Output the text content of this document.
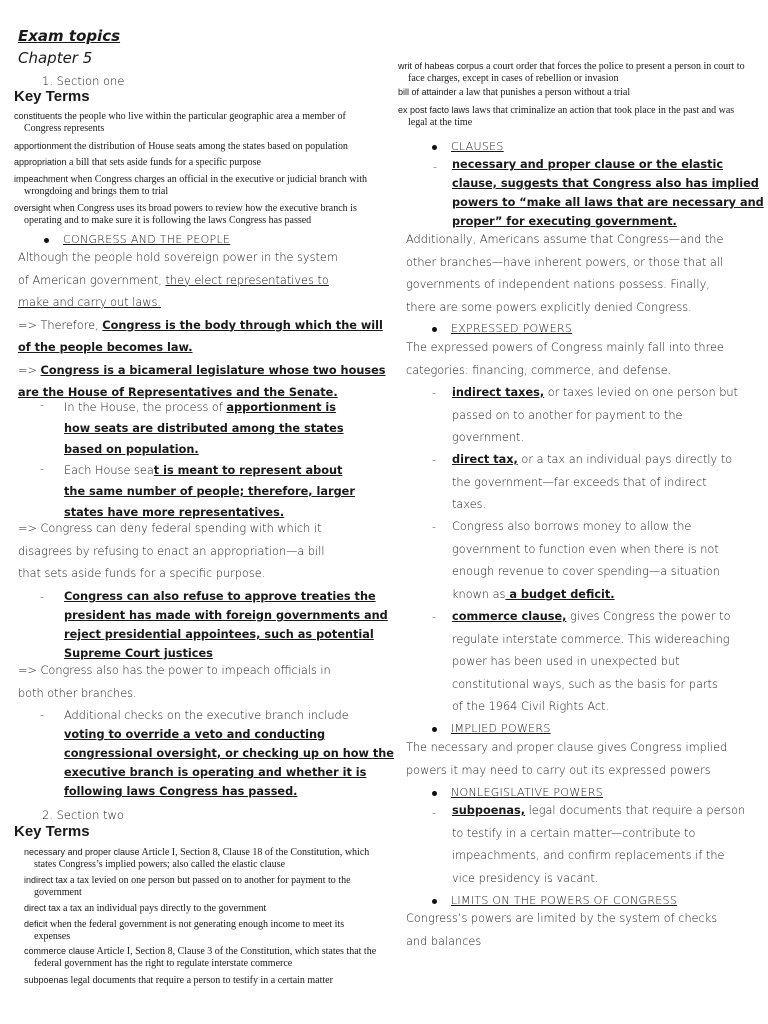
Exam topics
Chapter 5
1. Section one
Key Terms
constituents the people who live within the particular geographic area a member of
Congress represents
apportionment the distribution of House seats among the states based on population
appropriation a bill that sets aside funds for a specific purpose
impeachment when Congress charges an official in the executive or judicial branch with
wrongdoing and brings them to trial
oversight when Congress uses its broad powers to review how the executive branch is
operating and to make sure it is following the laws Congress has passed
writ of habeas corpus a court order that forces the police to present a person in court to
face charges, except in cases of rebellion or invasion
bill of attainder a law that punishes a person without a trial
ex post facto laws laws that criminalize an action that took place in the past and was
legal at the time
CONGRESS AND THE PEOPLE
Although the people hold sovereign power in the system
of American government, they elect representatives to
make and carry out laws.
=> Therefore, Congress is the body through which the will
of the people becomes law.
=> Congress is a bicameral legislature whose two houses
are the House of Representatives and the Senate.
- In the House, the process of apportionment is
how seats are distributed among the states
based on population.
- Each House seat is meant to represent about
the same number of people; therefore, larger
states have more representatives.
=> Congress can deny federal spending with which it
disagrees by refusing to enact an appropriation—a bill
that sets aside funds for a specific purpose.
- Congress can also refuse to approve treaties the
president has made with foreign governments and
reject presidential appointees, such as potential
Supreme Court justices
=> Congress also has the power to impeach officials in
both other branches.
- Additional checks on the executive branch include
voting to override a veto and conducting
congressional oversight, or checking up on how the
executive branch is operating and whether it is
following laws Congress has passed.
2. Section two
Key Terms
necessary and proper clause Article I, Section 8, Clause 18 of the Constitution, which
states Congress’s implied powers; also called the elastic clause
indirect tax a tax levied on one person but passed on to another for payment to the
government
direct tax a tax an individual pays directly to the government
deficit when the federal government is not generating enough income to meet its
expenses
commerce clause Article I, Section 8, Clause 3 of the Constitution, which states that the
federal government has the right to regulate interstate commerce
subpoenas legal documents that require a person to testify in a certain matter
CLAUSES
- necessary and proper clause or the elastic
clause, suggests that Congress also has implied
powers to “make all laws that are necessary and
proper” for executing government.
Additionally, Americans assume that Congress—and the
other branches—have inherent powers, or those that all
governments of independent nations possess. Finally,
there are some powers explicitly denied Congress.
EXPRESSED POWERS
The expressed powers of Congress mainly fall into three
categories: financing, commerce, and defense.
- indirect taxes, or taxes levied on one person but
passed on to another for payment to the
government.
- direct tax, or a tax an individual pays directly to
the government—far exceeds that of indirect
taxes.
- Congress also borrows money to allow the
government to function even when there is not
enough revenue to cover spending—a situation
known as a budget deficit.
- commerce clause, gives Congress the power to
regulate interstate commerce. This widereaching
power has been used in unexpected but
constitutional ways, such as the basis for parts
of the 1964 Civil Rights Act.
IMPLIED POWERS
The necessary and proper clause gives Congress implied
powers it may need to carry out its expressed powers
NONLEGISLATIVE POWERS
- subpoenas, legal documents that require a person
to testify in a certain matter—contribute to
impeachments, and confirm replacements if the
vice presidency is vacant.
LIMITS ON THE POWERS OF CONGRESS
Congress’s powers are limited by the system of checks
and balances
